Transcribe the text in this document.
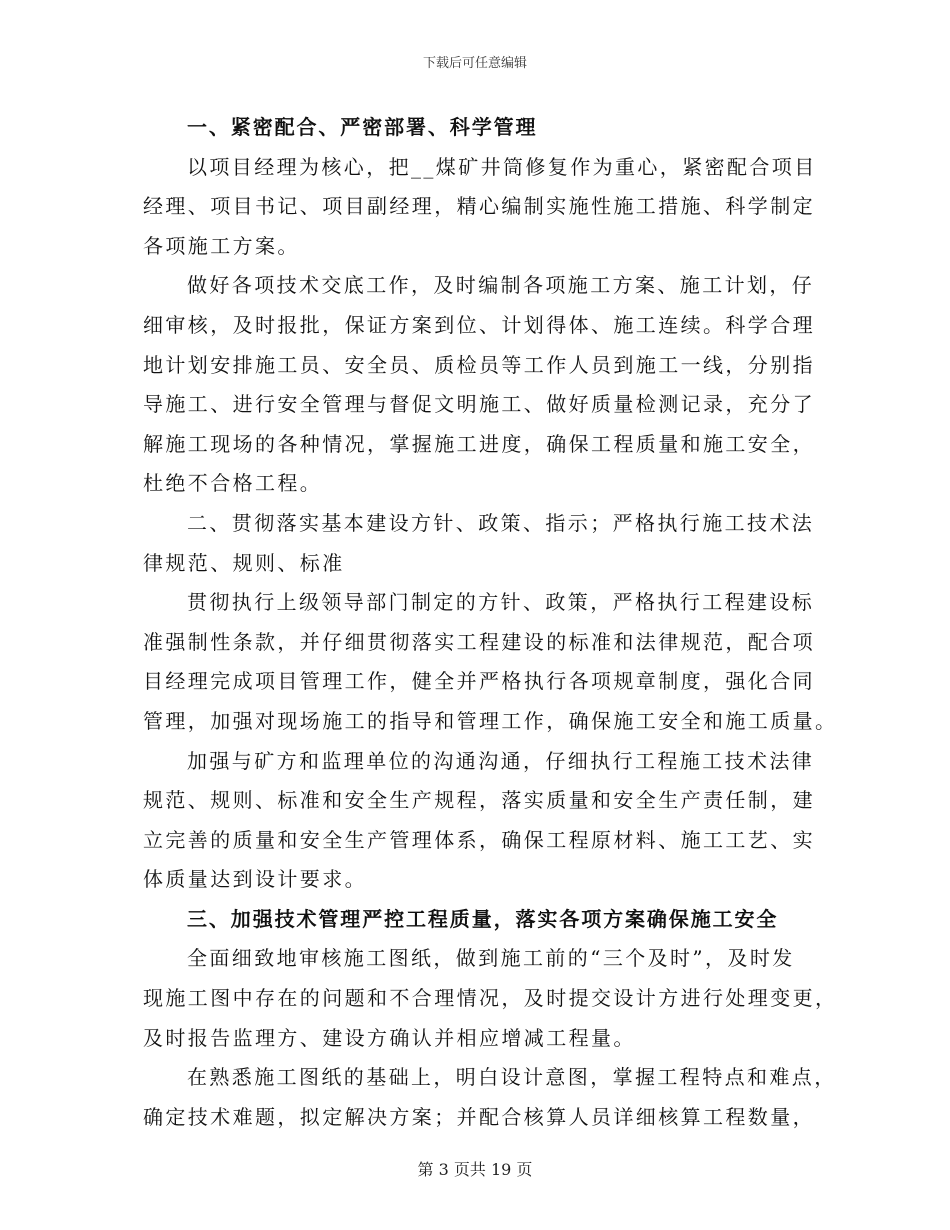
下载后可任意编辑
一、紧密配合、严密部署、科学管理
以项目经理为核心，把__煤矿井筒修复作为重心，紧密配合项目
经理、项目书记、项目副经理，精心编制实施性施工措施、科学制定
各项施工方案。
做好各项技术交底工作，及时编制各项施工方案、施工计划，仔
细审核，及时报批，保证方案到位、计划得体、施工连续。科学合理
地计划安排施工员、安全员、质检员等工作人员到施工一线，分别指
导施工、进行安全管理与督促文明施工、做好质量检测记录，充分了
解施工现场的各种情况，掌握施工进度，确保工程质量和施工安全，
杜绝不合格工程。
二、贯彻落实基本建设方针、政策、指示；严格执行施工技术法
律规范、规则、标准
贯彻执行上级领导部门制定的方针、政策，严格执行工程建设标
准强制性条款，并仔细贯彻落实工程建设的标准和法律规范，配合项
目经理完成项目管理工作，健全并严格执行各项规章制度，强化合同
管理，加强对现场施工的指导和管理工作，确保施工安全和施工质量。
加强与矿方和监理单位的沟通沟通，仔细执行工程施工技术法律
规范、规则、标准和安全生产规程，落实质量和安全生产责任制，建
立完善的质量和安全生产管理体系，确保工程原材料、施工工艺、实
体质量达到设计要求。
三、加强技术管理严控工程质量，落实各项方案确保施工安全
全面细致地审核施工图纸，做到施工前的“三个及时”，及时发
现施工图中存在的问题和不合理情况，及时提交设计方进行处理变更，
及时报告监理方、建设方确认并相应增减工程量。
在熟悉施工图纸的基础上，明白设计意图，掌握工程特点和难点，
确定技术难题，拟定解决方案；并配合核算人员详细核算工程数量，
第 3 页共 19 页
